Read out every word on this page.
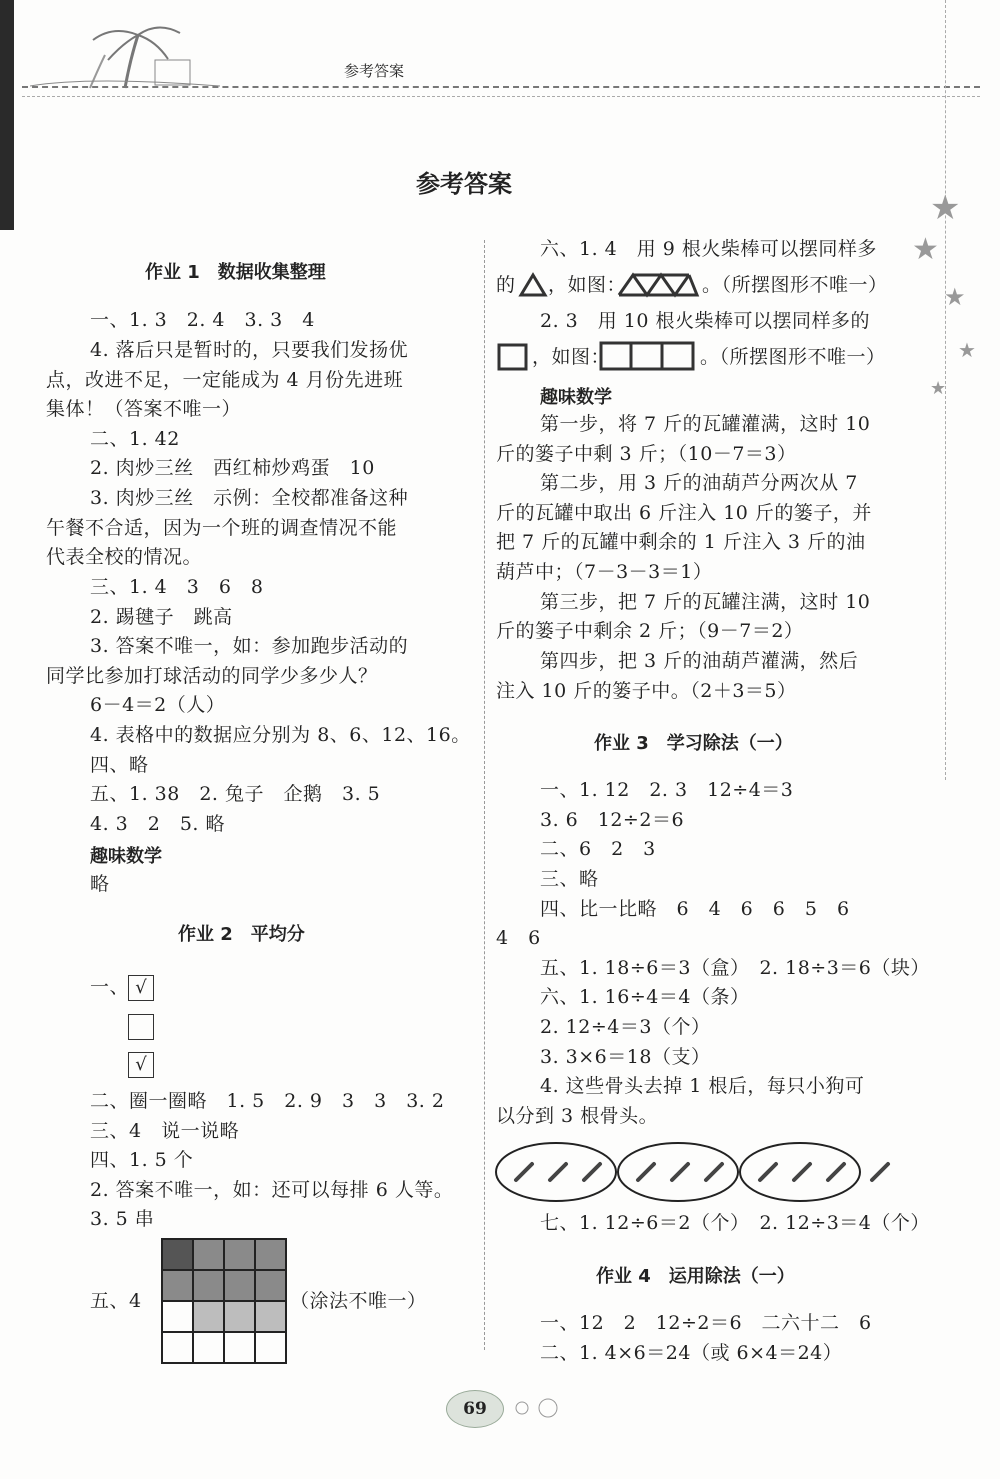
参考答案
★
★
★
★
★
参考答案
作业 1　数据收集整理
一、1. 3　2. 4　3. 3　4
4. 落后只是暂时的，只要我们发扬优
点，改进不足，一定能成为 4 月份先进班
集体！（答案不唯一）
二、1. 42
2. 肉炒三丝　西红柿炒鸡蛋　10
3. 肉炒三丝　示例：全校都准备这种
午餐不合适，因为一个班的调查情况不能
代表全校的情况。
三、1. 4　3　6　8
2. 踢毽子　跳高
3. 答案不唯一，如：参加跑步活动的
同学比参加打球活动的同学少多少人？
6－4＝2（人）
4. 表格中的数据应分别为 8、6、12、16。
四、略
五、1. 38　2. 兔子　企鹅　3. 5
4. 3　2　5. 略
趣味数学
略
作业 2　平均分
一、 √
√
二、圈一圈略　1. 5　2. 9　3　3　3. 2
三、4　说一说略
四、1. 5 个
2. 答案不唯一，如：还可以每排 6 人等。
3. 5 串
五、4	（涂法不唯一）
六、1. 4　用 9 根火柴棒可以摆同样多
的 ，如图：	。（所摆图形不唯一）
2. 3　用 10 根火柴棒可以摆同样多的
，如图：	。（所摆图形不唯一）
趣味数学
第一步，将 7 斤的瓦罐灌满，这时 10
斤的篓子中剩 3 斤；（10－7＝3）
第二步，用 3 斤的油葫芦分两次从 7
斤的瓦罐中取出 6 斤注入 10 斤的篓子，并
把 7 斤的瓦罐中剩余的 1 斤注入 3 斤的油
葫芦中；（7－3－3＝1）
第三步，把 7 斤的瓦罐注满，这时 10
斤的篓子中剩余 2 斤；（9－7＝2）
第四步，把 3 斤的油葫芦灌满，然后
注入 10 斤的篓子中。（2＋3＝5）
作业 3　学习除法（一）
一、1. 12　2. 3　12÷4＝3
3. 6　12÷2＝6
二、6　2　3
三、略
四、比一比略　6　4　6　6　5　6
4　6
五、1. 18÷6＝3（盒）　2. 18÷3＝6（块）
六、1. 16÷4＝4（条）
2. 12÷4＝3（个）
3. 3×6＝18（支）
4. 这些骨头去掉 1 根后，每只小狗可
以分到 3 根骨头。
七、1. 12÷6＝2（个）　2. 12÷3＝4（个）
作业 4　运用除法（一）
一、12　2　12÷2＝6　二六十二　6
二、1. 4×6＝24（或 6×4＝24）
69
